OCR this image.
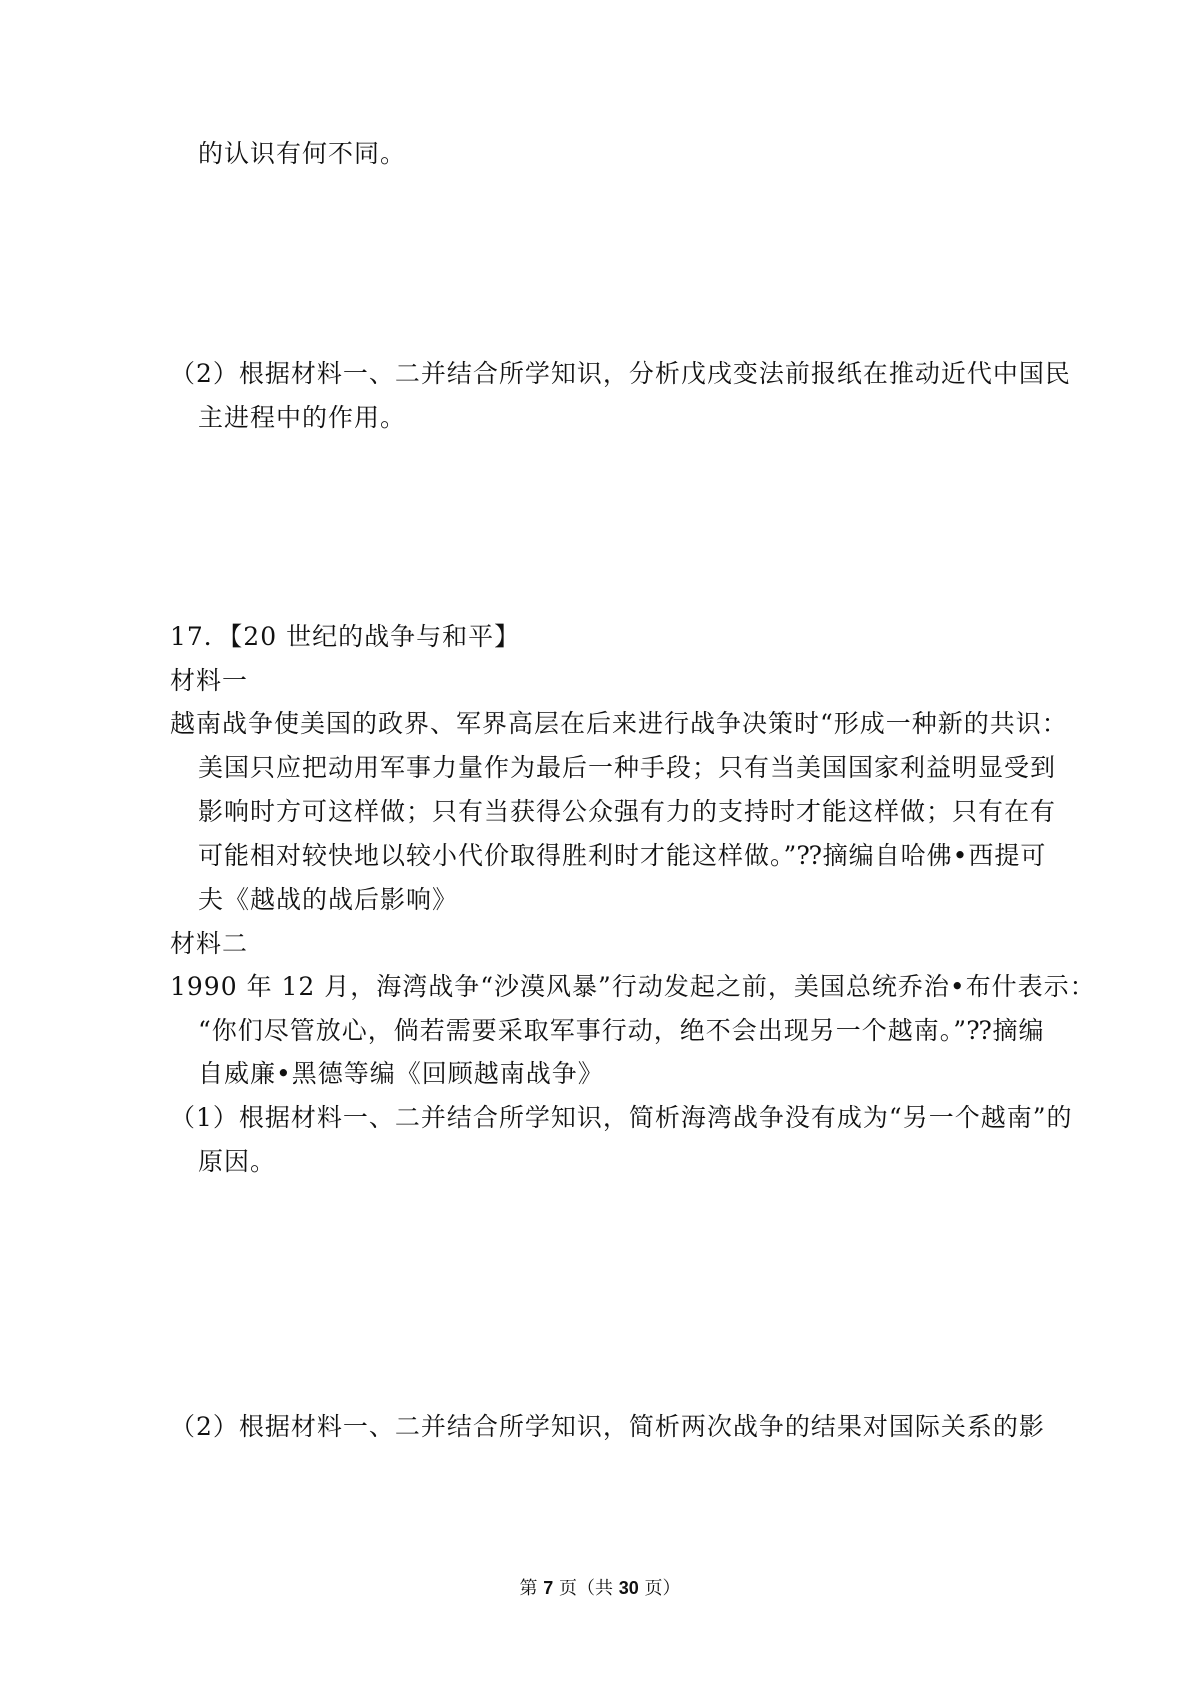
的认识有何不同。
（2）根据材料一、二并结合所学知识，分析戊戌变法前报纸在推动近代中国民
主进程中的作用。
17．【20 世纪的战争与和平】
材料一
越南战争使美国的政界、军界高层在后来进行战争决策时“形成一种新的共识：
美国只应把动用军事力量作为最后一种手段；只有当美国国家利益明显受到
影响时方可这样做；只有当获得公众强有力的支持时才能这样做；只有在有
可能相对较快地以较小代价取得胜利时才能这样做。”⁇摘编自哈佛•西提可
夫《越战的战后影响》
材料二
1990 年 12 月，海湾战争“沙漠风暴”行动发起之前，美国总统乔治•布什表示：
“你们尽管放心，倘若需要采取军事行动，绝不会出现另一个越南。”⁇摘编
自威廉•黑德等编《回顾越南战争》
（1）根据材料一、二并结合所学知识，简析海湾战争没有成为“另一个越南”的
原因。
（2）根据材料一、二并结合所学知识，简析两次战争的结果对国际关系的影
第 7 页（共 30 页）
